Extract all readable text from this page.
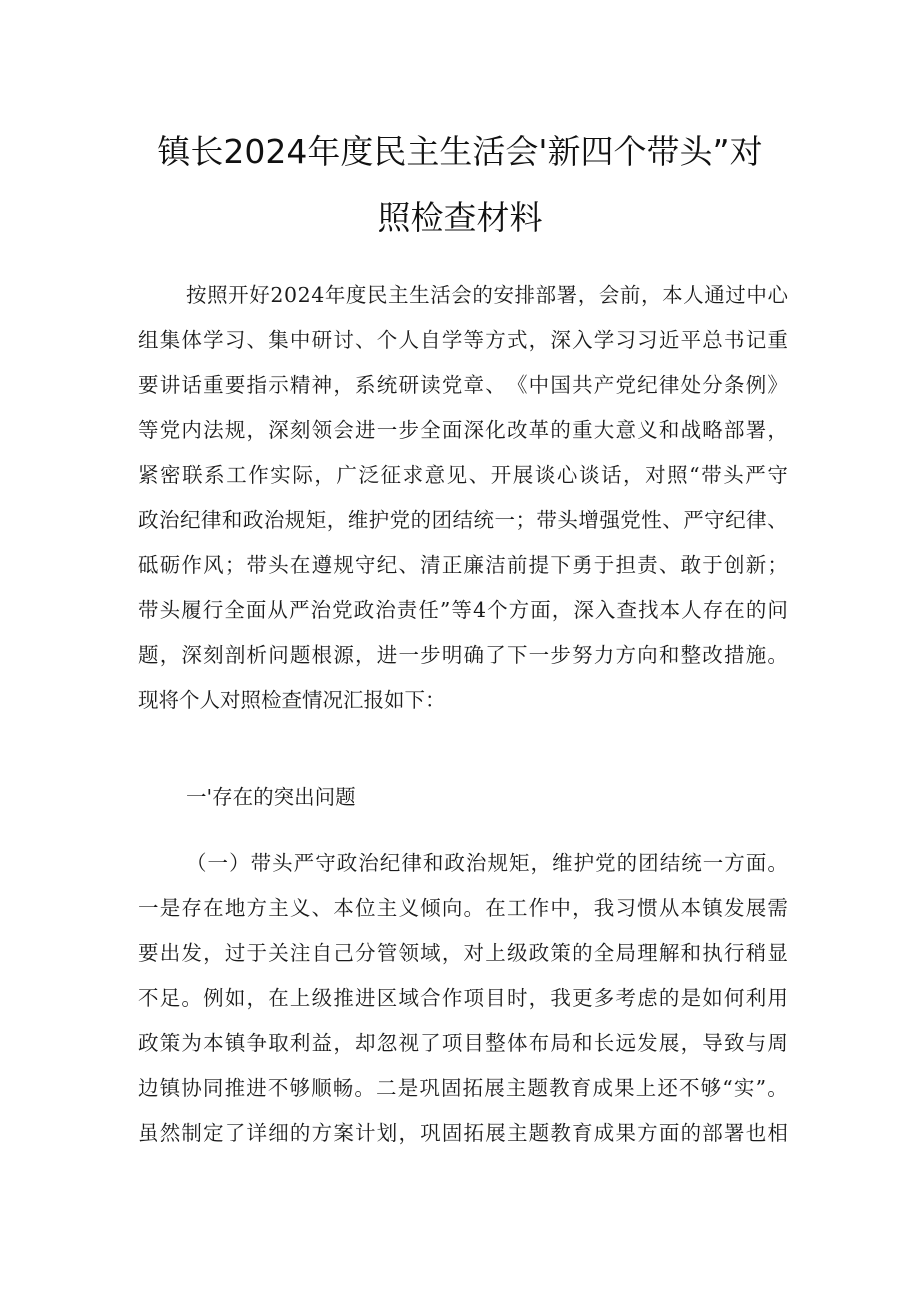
镇长2024年度民主生活会'新四个带头”对
照检查材料
按 照 开 好 2 0 2 4 年 度 民 主 生 活 会 的 安 排 部 署 ， 会 前 ， 本 人 通 过 中 心
组 集 体 学 习 、 集 中 研 讨 、 个 人 自 学 等 方 式 ， 深 入 学 习 习 近 平 总 书 记 重
要 讲 话 重 要 指 示 精 神 ， 系 统 研 读 党 章 、 《 中 国 共 产 党 纪 律 处 分 条 例 》
等 党 内 法 规 ， 深 刻 领 会 进 一 步 全 面 深 化 改 革 的 重 大 意 义 和 战 略 部 署 ，
紧 密 联 系 工 作 实 际 ， 广 泛 征 求 意 见 、 开 展 谈 心 谈 话 ， 对 照 “ 带 头 严 守
政 治 纪 律 和 政 治 规 矩 ， 维 护 党 的 团 结 统 一 ； 带 头 增 强 党 性 、 严 守 纪 律 、
砥 砺 作 风 ； 带 头 在 遵 规 守 纪 、 清 正 廉 洁 前 提 下 勇 于 担 责 、 敢 于 创 新 ；
带 头 履 行 全 面 从 严 治 党 政 治 责 任 ” 等 4 个 方 面 ， 深 入 查 找 本 人 存 在 的 问
题 ， 深 刻 剖 析 问 题 根 源 ， 进 一 步 明 确 了 下 一 步 努 力 方 向 和 整 改 措 施 。
现将个人对照检查情况汇报如下：
一'存在的突出问题
（ 一 ） 带 头 严 守 政 治 纪 律 和 政 治 规 矩 ， 维 护 党 的 团 结 统 一 方 面 。
一 是 存 在 地 方 主 义 、 本 位 主 义 倾 向 。 在 工 作 中 ， 我 习 惯 从 本 镇 发 展 需
要 出 发 ， 过 于 关 注 自 己 分 管 领 域 ， 对 上 级 政 策 的 全 局 理 解 和 执 行 稍 显
不 足 。 例 如 ， 在 上 级 推 进 区 域 合 作 项 目 时 ， 我 更 多 考 虑 的 是 如 何 利 用
政 策 为 本 镇 争 取 利 益 ， 却 忽 视 了 项 目 整 体 布 局 和 长 远 发 展 ， 导 致 与 周
边 镇 协 同 推 进 不 够 顺 畅 。 二 是 巩 固 拓 展 主 题 教 育 成 果 上 还 不 够 “ 实 ” 。
虽 然 制 定 了 详 细 的 方 案 计 划 ， 巩 固 拓 展 主 题 教 育 成 果 方 面 的 部 署 也 相
